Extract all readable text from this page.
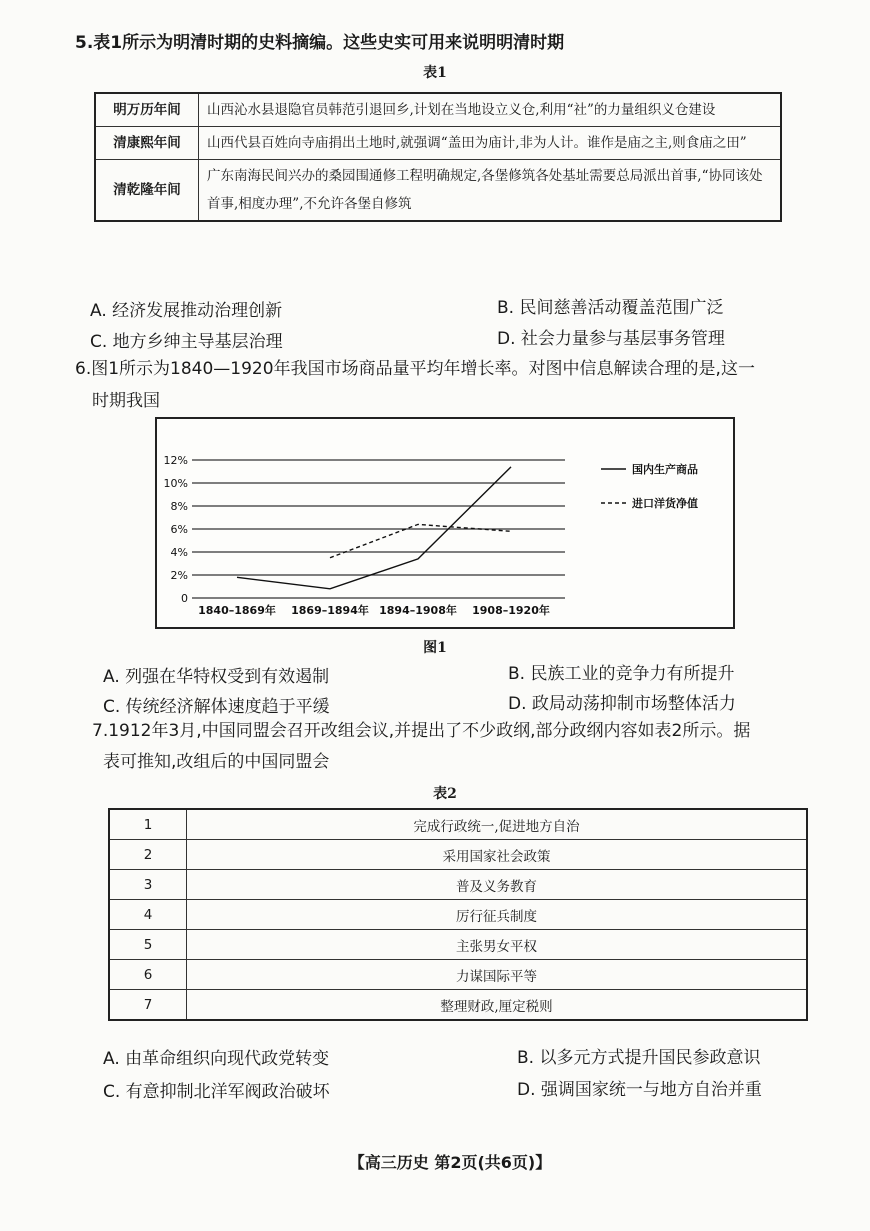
5.表1所示为明清时期的史料摘编。这些史实可用来说明明清时期
表1
明万历年间	山西沁水县退隐官员韩范引退回乡,计划在当地设立义仓,利用“社”的力量组织义仓建设
清康熙年间	山西代县百姓向寺庙捐出土地时,就强调“盖田为庙计,非为人计。谁作是庙之主,则食庙之田”
清乾隆年间	广东南海民间兴办的桑园围通修工程明确规定,各堡修筑各处基址需要总局派出首事,“协同该处首事,相度办理”,不允许各堡自修筑
A. 经济发展推动治理创新	B. 民间慈善活动覆盖范围广泛
C. 地方乡绅主导基层治理	D. 社会力量参与基层事务管理
6.图1所示为1840—1920年我国市场商品量平均年增长率。对图中信息解读合理的是,这一
时期我国
0
2%
4%
6%
8%
10%
12%
1840–1869年 1869–1894年 1894–1908年 1908–1920年
国内生产商品
进口洋货净值
图1
A. 列强在华特权受到有效遏制	B. 民族工业的竞争力有所提升
C. 传统经济解体速度趋于平缓	D. 政局动荡抑制市场整体活力
7.1912年3月,中国同盟会召开改组会议,并提出了不少政纲,部分政纲内容如表2所示。据
表可推知,改组后的中国同盟会
表2
1	完成行政统一,促进地方自治
2	采用国家社会政策
3	普及义务教育
4	厉行征兵制度
5	主张男女平权
6	力谋国际平等
7	整理财政,厘定税则
A. 由革命组织向现代政党转变	B. 以多元方式提升国民参政意识
C. 有意抑制北洋军阀政治破坏	D. 强调国家统一与地方自治并重
【高三历史 第2页(共6页)】
